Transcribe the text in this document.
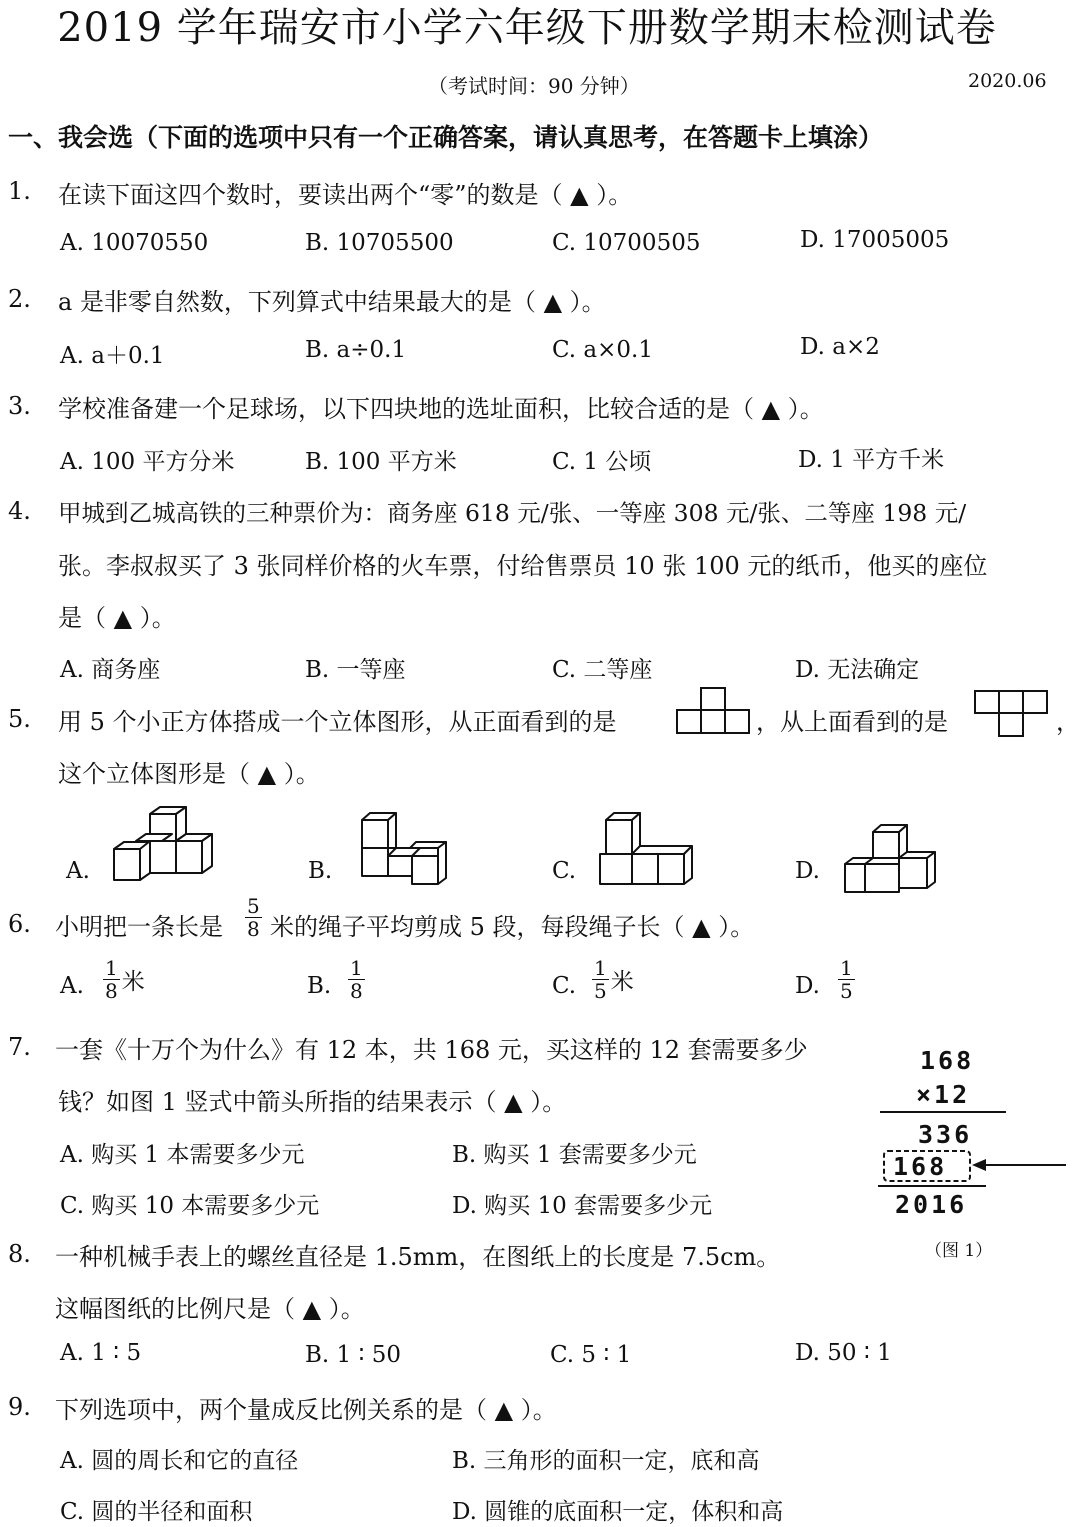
2019 学年瑞安市小学六年级下册数学期末检测试卷
（考试时间：90 分钟）	2020.06
一、我会选（下面的选项中只有一个正确答案，请认真思考，在答题卡上填涂）
1. 在读下面这四个数时，要读出两个“零”的数是（ ▲ ）。
A. 10070550	B. 10705500	C. 10700505	D. 17005005
2. a 是非零自然数，下列算式中结果最大的是（ ▲ ）。
A. a＋0.1	B. a÷0.1	C. a×0.1	D. a×2
3. 学校准备建一个足球场，以下四块地的选址面积，比较合适的是（ ▲ ）。
A. 100 平方分米	B. 100 平方米	C. 1 公顷	D. 1 平方千米
4. 甲城到乙城高铁的三种票价为：商务座 618 元/张、一等座 308 元/张、二等座 198 元/
张。李叔叔买了 3 张同样价格的火车票，付给售票员 10 张 100 元的纸币，他买的座位
是（ ▲ ）。
A. 商务座	B. 一等座	C. 二等座	D. 无法确定
5. 用 5 个小正方体搭成一个立体图形，从正面看到的是	，从上面看到的是	，
这个立体图形是（ ▲ ）。
A.	B.	C.	D.
6. 小明把一条长是 $\frac{5}{8}$ 米的绳子平均剪成 5 段，每段绳子长（ ▲ ）。
A. $\frac{1}{8}$ 米	B. $\frac{1}{8}$	C. $\frac{1}{5}$ 米	D. $\frac{1}{5}$
7. 一套《十万个为什么》有 12 本，共 168 元，买这样的 12 套需要多少
钱？如图 1 竖式中箭头所指的结果表示（ ▲ ）。
A. 购买 1 本需要多少元	B. 购买 1 套需要多少元
C. 购买 10 本需要多少元	D. 购买 10 套需要多少元
168
×12
336
168
2016
（图 1）
8. 一种机械手表上的螺丝直径是 1.5mm，在图纸上的长度是 7.5cm。
这幅图纸的比例尺是（ ▲ ）。
A. 1 ∶ 5	B. 1 ∶ 50	C. 5 ∶ 1	D. 50 ∶ 1
9. 下列选项中，两个量成反比例关系的是（ ▲ ）。
A. 圆的周长和它的直径	B. 三角形的面积一定，底和高
C. 圆的半径和面积	D. 圆锥的底面积一定，体积和高
